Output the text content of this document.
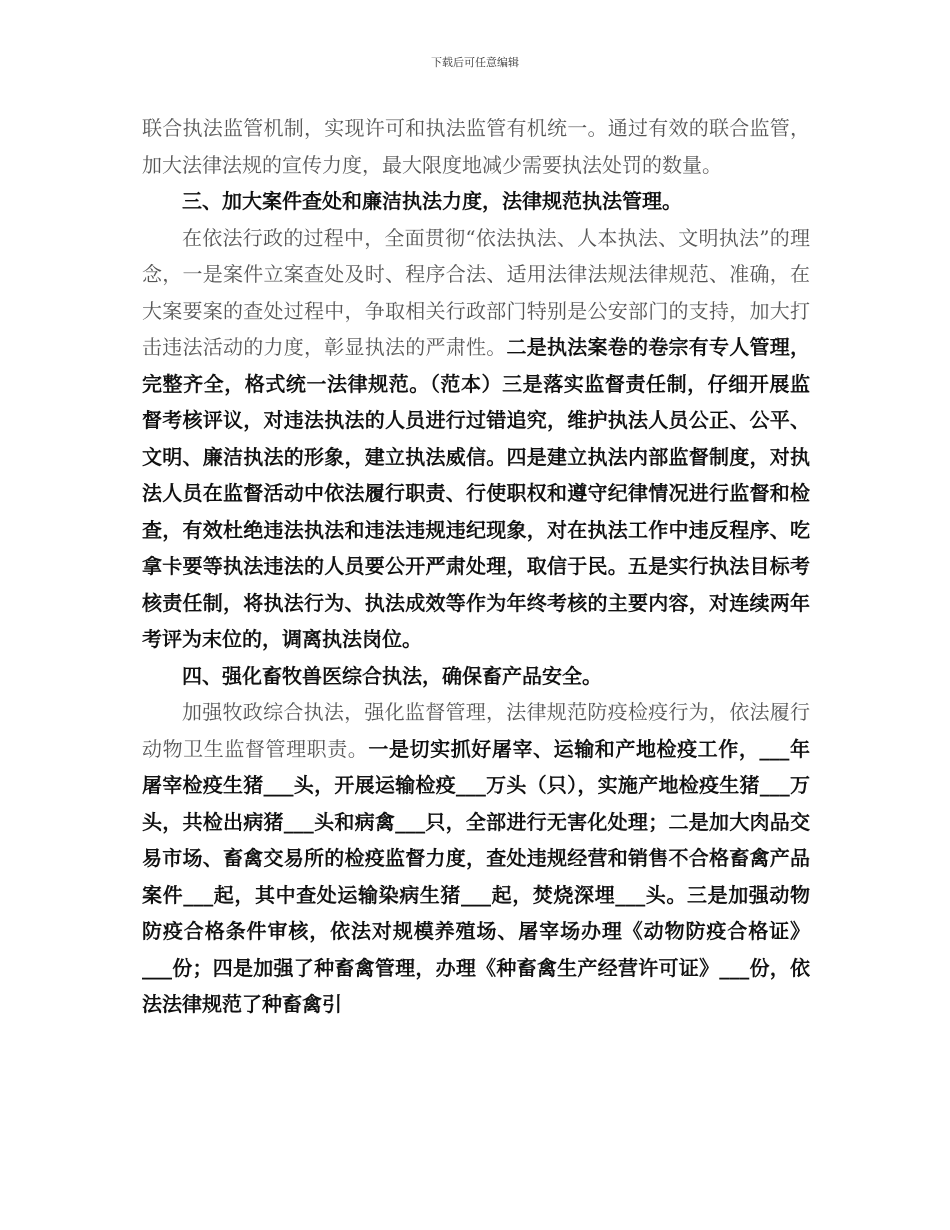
下载后可任意编辑

联合执法监管机制，实现许可和执法监管有机统一。通过有效的联合监管，加大法律法规的宣传力度，最大限度地减少需要执法处罚的数量。

三、加大案件查处和廉洁执法力度，法律规范执法管理。

在依法行政的过程中，全面贯彻“依法执法、人本执法、文明执法”的理念，一是案件立案查处及时、程序合法、适用法律法规法律规范、准确，在大案要案的查处过程中，争取相关行政部门特别是公安部门的支持，加大打击违法活动的力度，彰显执法的严肃性。二是执法案卷的卷宗有专人管理，完整齐全，格式统一法律规范。（范本）三是落实监督责任制，仔细开展监督考核评议，对违法执法的人员进行过错追究，维护执法人员公正、公平、文明、廉洁执法的形象，建立执法威信。四是建立执法内部监督制度，对执法人员在监督活动中依法履行职责、行使职权和遵守纪律情况进行监督和检查，有效杜绝违法执法和违法违规违纪现象，对在执法工作中违反程序、吃拿卡要等执法违法的人员要公开严肃处理，取信于民。五是实行执法目标考核责任制，将执法行为、执法成效等作为年终考核的主要内容，对连续两年考评为末位的，调离执法岗位。

四、强化畜牧兽医综合执法，确保畜产品安全。

加强牧政综合执法，强化监督管理，法律规范防疫检疫行为，依法履行动物卫生监督管理职责。一是切实抓好屠宰、运输和产地检疫工作，___年屠宰检疫生猪___头，开展运输检疫___万头（只），实施产地检疫生猪___万头，共检出病猪___头和病禽___只，全部进行无害化处理；二是加大肉品交易市场、畜禽交易所的检疫监督力度，查处违规经营和销售不合格畜禽产品案件___起，其中查处运输染病生猪___起，焚烧深埋___头。三是加强动物防疫合格条件审核，依法对规模养殖场、屠宰场办理《动物防疫合格证》___份；四是加强了种畜禽管理，办理《种畜禽生产经营许可证》___份，依法法律规范了种畜禽引
